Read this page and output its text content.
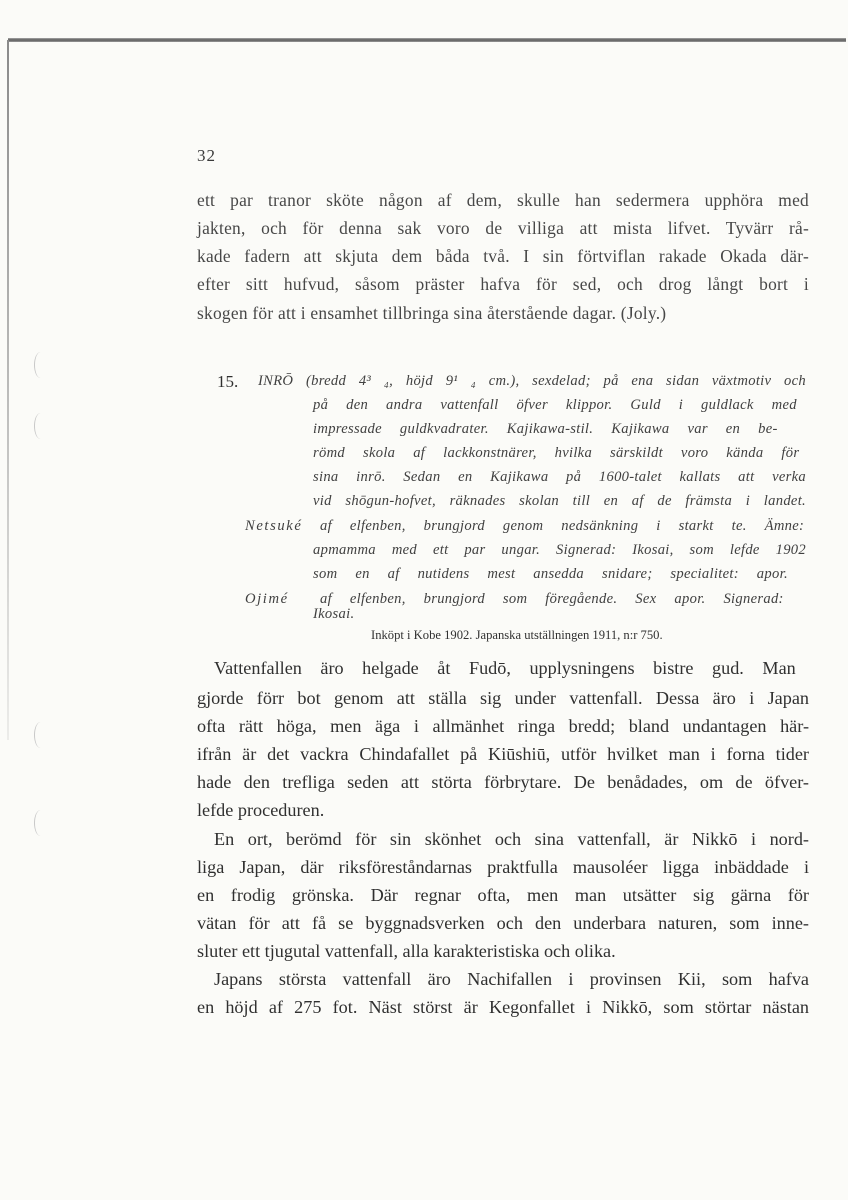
32
ett par tranor sköte någon af dem, skulle han sedermera upphöra med
jakten, och för denna sak voro de villiga att mista lifvet. Tyvärr rå-
kade fadern att skjuta dem båda två. I sin förtviflan rakade Okada där-
efter sitt hufvud, såsom präster hafva för sed, och drog långt bort i
skogen för att i ensamhet tillbringa sina återstående dagar. (Joly.)
15. INRŌ (bredd 4³ ₄, höjd 9¹ ₄ cm.), sexdelad; på ena sidan växtmotiv och
på den andra vattenfall öfver klippor. Guld i guldlack med
impressade guldkvadrater. Kajikawa-stil. Kajikawa var en be-
römd skola af lackkonstnärer, hvilka särskildt voro kända för
sina inrō. Sedan en Kajikawa på 1600-talet kallats att verka
vid shōgun-hofvet, räknades skolan till en af de främsta i landet.
Netsuké af elfenben, brungjord genom nedsänkning i starkt te. Ämne:
apmamma med ett par ungar. Signerad: Ikosai, som lefde 1902
som en af nutidens mest ansedda snidare; specialitet: apor.
Ojimé af elfenben, brungjord som föregående. Sex apor. Signerad:
Ikosai.
Inköpt i Kobe 1902. Japanska utställningen 1911, n:r 750.
Vattenfallen äro helgade åt Fudō, upplysningens bistre gud. Man
gjorde förr bot genom att ställa sig under vattenfall. Dessa äro i Japan
ofta rätt höga, men äga i allmänhet ringa bredd; bland undantagen här-
ifrån är det vackra Chindafallet på Kiūshiū, utför hvilket man i forna tider
hade den trefliga seden att störta förbrytare. De benådades, om de öfver-
lefde proceduren.
En ort, berömd för sin skönhet och sina vattenfall, är Nikkō i nord-
liga Japan, där riksföreståndarnas praktfulla mausoléer ligga inbäddade i
en frodig grönska. Där regnar ofta, men man utsätter sig gärna för
vätan för att få se byggnadsverken och den underbara naturen, som inne-
sluter ett tjugutal vattenfall, alla karakteristiska och olika.
Japans största vattenfall äro Nachifallen i provinsen Kii, som hafva
en höjd af 275 fot. Näst störst är Kegonfallet i Nikkō, som störtar nästan
